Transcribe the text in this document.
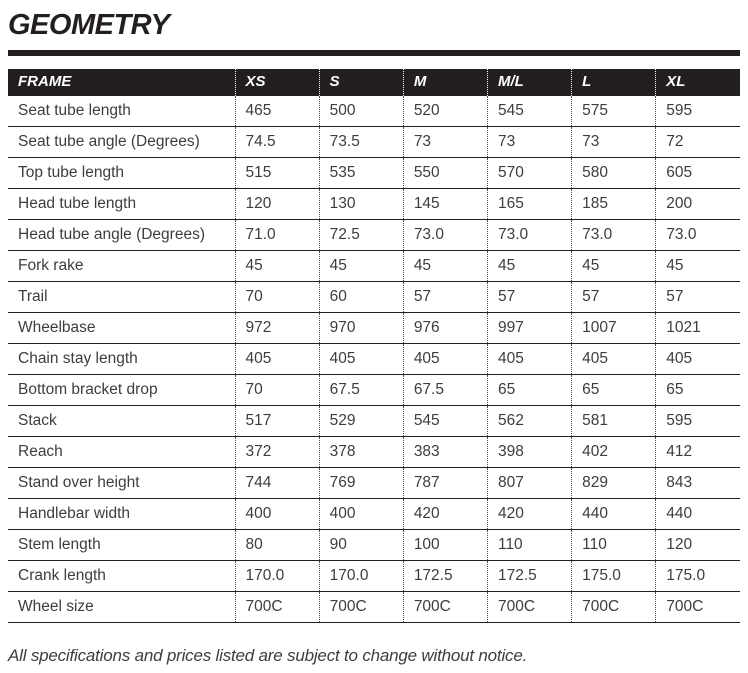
GEOMETRY
FRAME	XS	S	M	M/L	L	XL
Seat tube length	465	500	520	545	575	595
Seat tube angle (Degrees)	74.5	73.5	73	73	73	72
Top tube length	515	535	550	570	580	605
Head tube length	120	130	145	165	185	200
Head tube angle (Degrees)	71.0	72.5	73.0	73.0	73.0	73.0
Fork rake	45	45	45	45	45	45
Trail	70	60	57	57	57	57
Wheelbase	972	970	976	997	1007	1021
Chain stay length	405	405	405	405	405	405
Bottom bracket drop	70	67.5	67.5	65	65	65
Stack	517	529	545	562	581	595
Reach	372	378	383	398	402	412
Stand over height	744	769	787	807	829	843
Handlebar width	400	400	420	420	440	440
Stem length	80	90	100	110	110	120
Crank length	170.0	170.0	172.5	172.5	175.0	175.0
Wheel size	700C	700C	700C	700C	700C	700C

All specifications and prices listed are subject to change without notice.
